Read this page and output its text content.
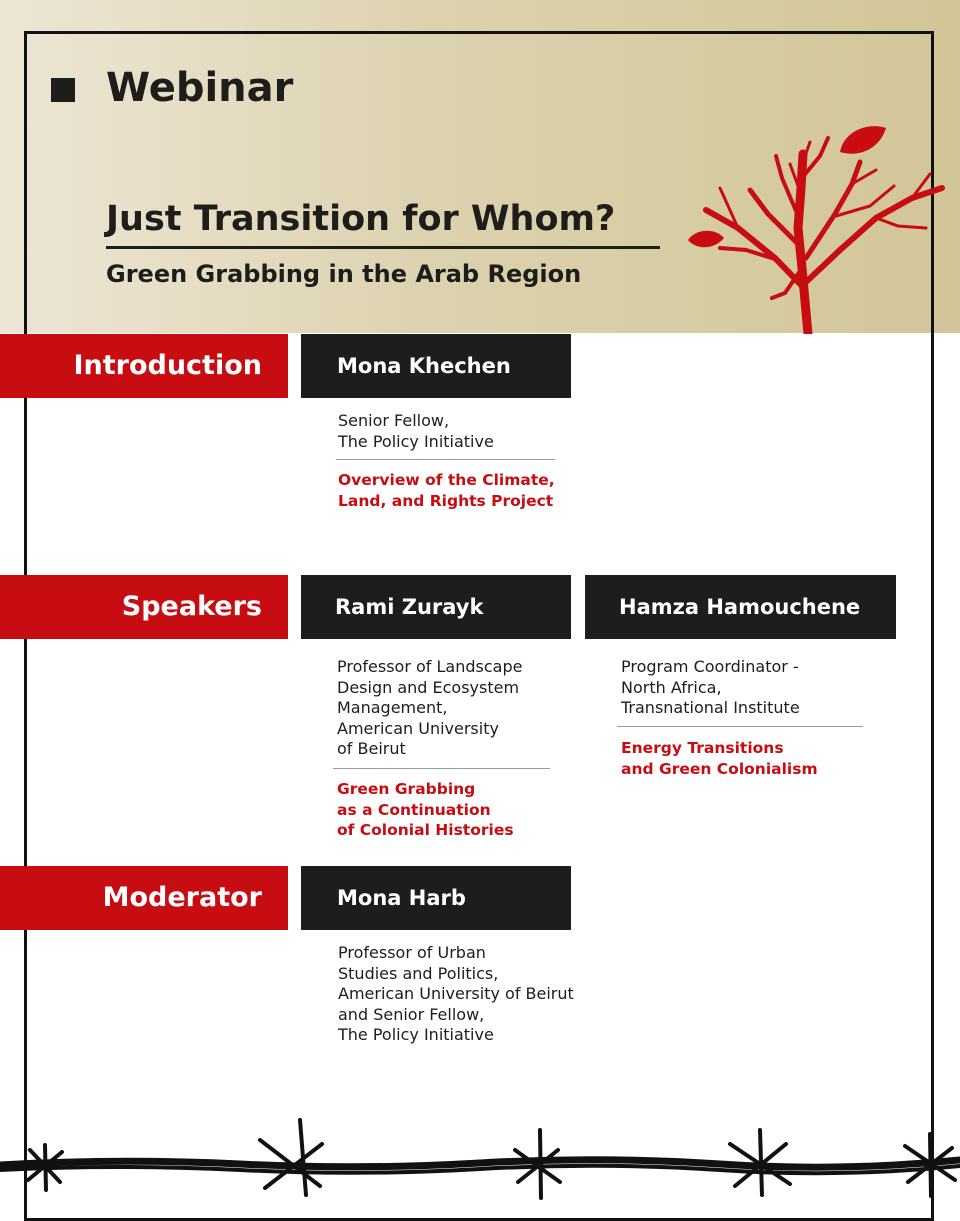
Webinar
Just Transition for Whom?
Green Grabbing in the Arab Region
Introduction	Mona Khechen
Senior Fellow,
The Policy Initiative
Overview of the Climate,
Land, and Rights Project
Speakers	Rami Zurayk
Professor of Landscape
Design and Ecosystem
Management,
American University
of Beirut
Green Grabbing
as a Continuation
of Colonial Histories
Hamza Hamouchene
Program Coordinator -
North Africa,
Transnational Institute
Energy Transitions
and Green Colonialism
Moderator	Mona Harb
Professor of Urban
Studies and Politics,
American University of Beirut
and Senior Fellow,
The Policy Initiative
